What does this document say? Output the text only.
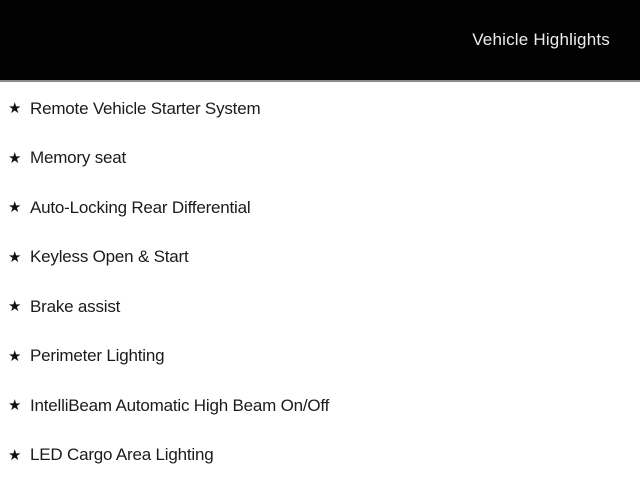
Vehicle Highlights
★ Remote Vehicle Starter System
★ Memory seat
★ Auto-Locking Rear Differential
★ Keyless Open & Start
★ Brake assist
★ Perimeter Lighting
★ IntelliBeam Automatic High Beam On/Off
★ LED Cargo Area Lighting
